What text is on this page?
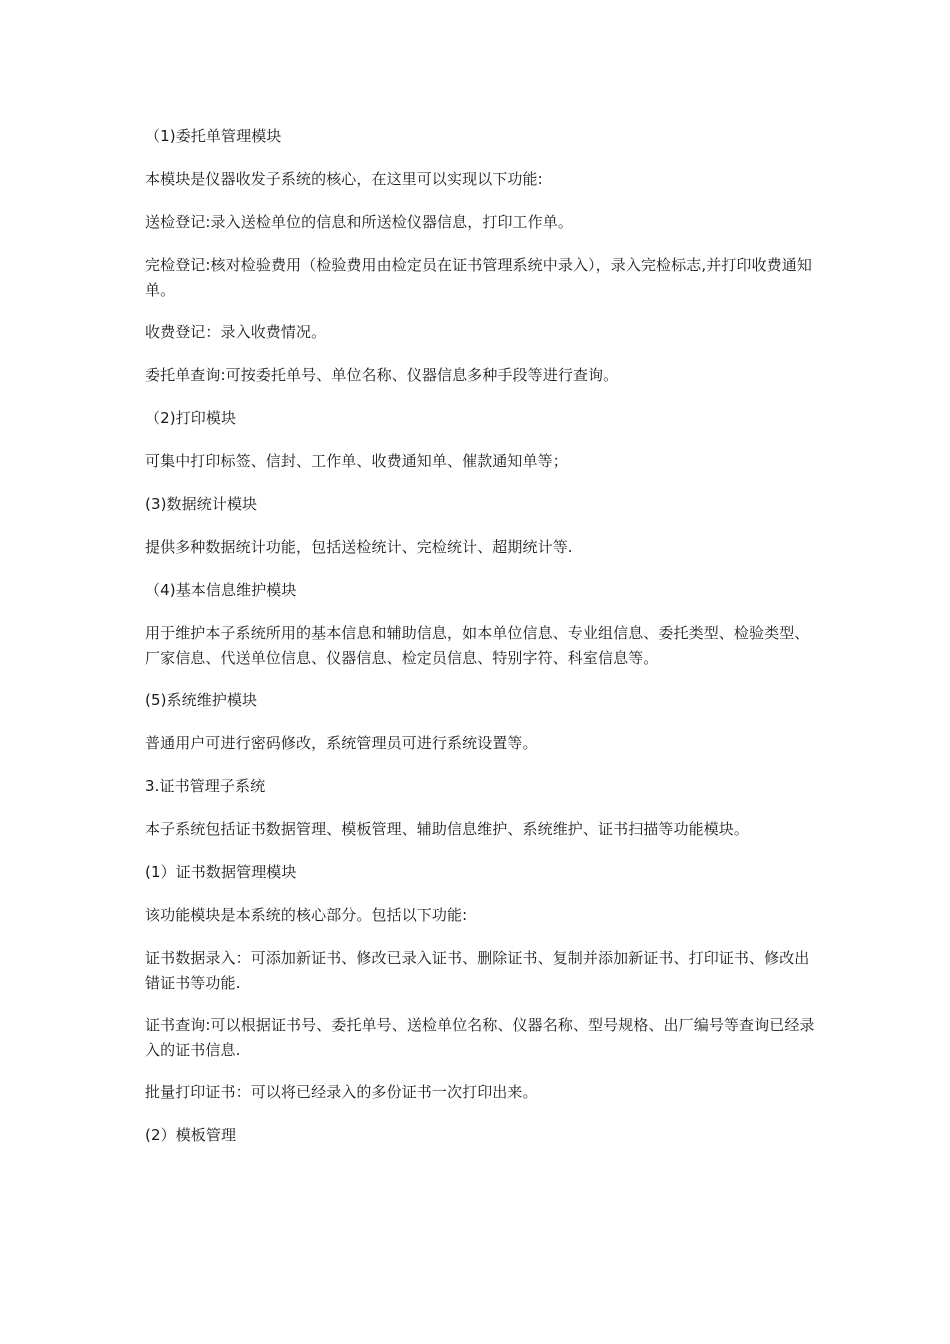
（1)委托单管理模块

本模块是仪器收发子系统的核心，在这里可以实现以下功能:

送检登记:录入送检单位的信息和所送检仪器信息，打印工作单。

完检登记:核对检验费用（检验费用由检定员在证书管理系统中录入），录入完检标志,并打印收费通知单。

收费登记：录入收费情况。

委托单查询:可按委托单号、单位名称、仪器信息多种手段等进行查询。

（2)打印模块

可集中打印标签、信封、工作单、收费通知单、催款通知单等；

(3)数据统计模块

提供多种数据统计功能，包括送检统计、完检统计、超期统计等.

（4)基本信息维护模块

用于维护本子系统所用的基本信息和辅助信息，如本单位信息、专业组信息、委托类型、检验类型、厂家信息、代送单位信息、仪器信息、检定员信息、特别字符、科室信息等。

(5)系统维护模块

普通用户可进行密码修改，系统管理员可进行系统设置等。

3.证书管理子系统

本子系统包括证书数据管理、模板管理、辅助信息维护、系统维护、证书扫描等功能模块。

(1）证书数据管理模块

该功能模块是本系统的核心部分。包括以下功能:

证书数据录入：可添加新证书、修改已录入证书、删除证书、复制并添加新证书、打印证书、修改出错证书等功能.

证书查询:可以根据证书号、委托单号、送检单位名称、仪器名称、型号规格、出厂编号等查询已经录入的证书信息.

批量打印证书：可以将已经录入的多份证书一次打印出来。

(2）模板管理
